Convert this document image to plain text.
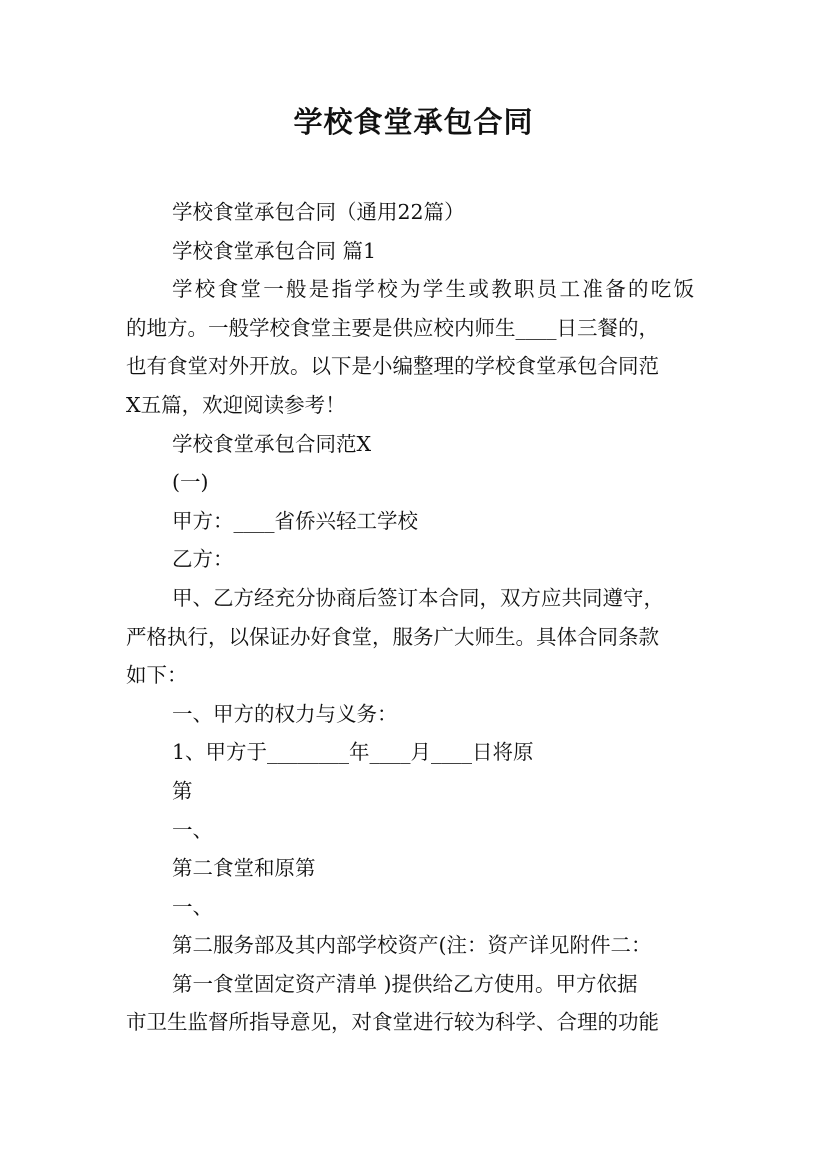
学校食堂承包合同
学校食堂承包合同（通用22篇）
学校食堂承包合同 篇1
学校食堂一般是指学校为学生或教职员工准备的吃饭
的地方。一般学校食堂主要是供应校内师生____日三餐的，
也有食堂对外开放。以下是小编整理的学校食堂承包合同范
X五篇，欢迎阅读参考！
学校食堂承包合同范X
(一)
甲方：____省侨兴轻工学校
乙方：
甲、乙方经充分协商后签订本合同，双方应共同遵守，
严格执行，以保证办好食堂，服务广大师生。具体合同条款
如下：
一、甲方的权力与义务：
1、甲方于________年____月____日将原
第
一、
第二食堂和原第
一、
第二服务部及其内部学校资产(注：资产详见附件二：
第一食堂固定资产清单 )提供给乙方使用。甲方依据
市卫生监督所指导意见，对食堂进行较为科学、合理的功能
